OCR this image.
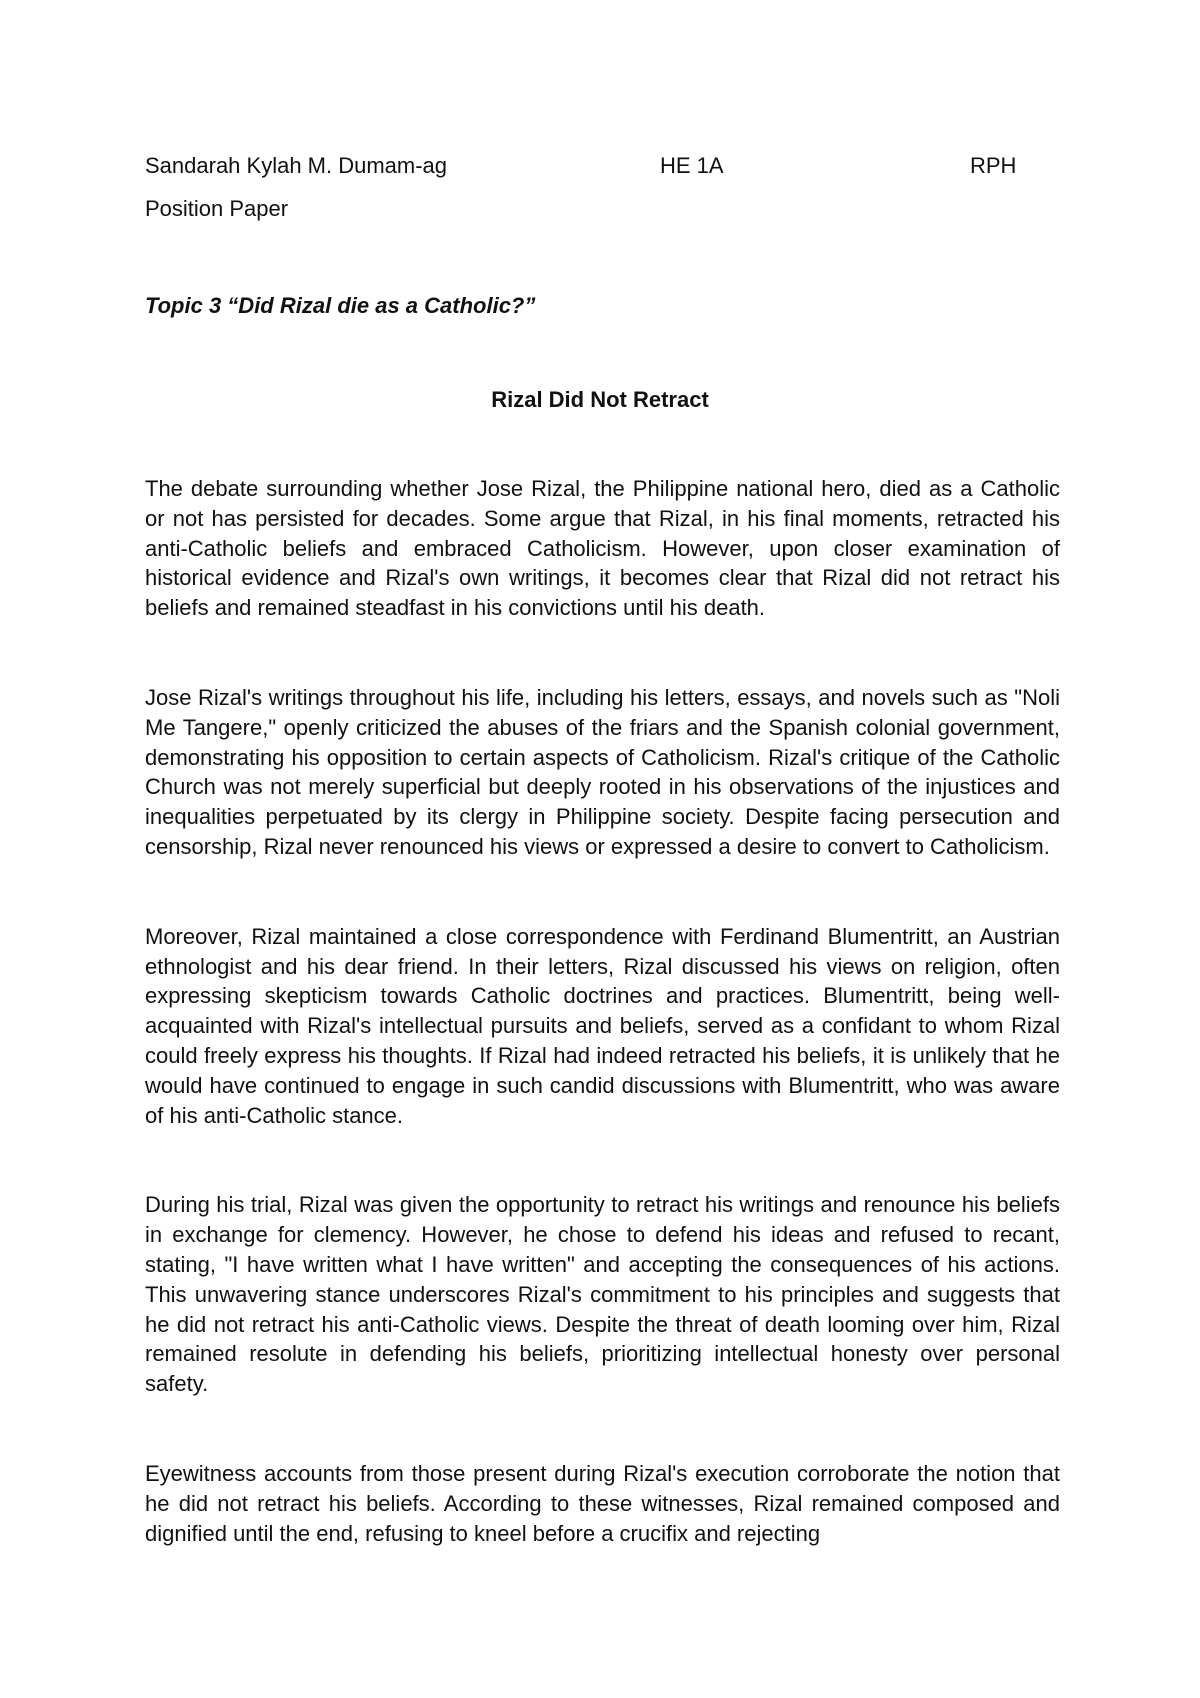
Sandarah Kylah M. Dumam-ag	HE 1A	RPH
Position Paper
Topic 3 “Did Rizal die as a Catholic?”
Rizal Did Not Retract

The debate surrounding whether Jose Rizal, the Philippine national hero, died as a Catholic or not has persisted for decades. Some argue that Rizal, in his final moments, retracted his anti-Catholic beliefs and embraced Catholicism. However, upon closer examination of historical evidence and Rizal's own writings, it becomes clear that Rizal did not retract his beliefs and remained steadfast in his convictions until his death.

Jose Rizal's writings throughout his life, including his letters, essays, and novels such as "Noli Me Tangere," openly criticized the abuses of the friars and the Spanish colonial government, demonstrating his opposition to certain aspects of Catholicism. Rizal's critique of the Catholic Church was not merely superficial but deeply rooted in his observations of the injustices and inequalities perpetuated by its clergy in Philippine society. Despite facing persecution and censorship, Rizal never renounced his views or expressed a desire to convert to Catholicism.

Moreover, Rizal maintained a close correspondence with Ferdinand Blumentritt, an Austrian ethnologist and his dear friend. In their letters, Rizal discussed his views on religion, often expressing skepticism towards Catholic doctrines and practices. Blumentritt, being well-acquainted with Rizal's intellectual pursuits and beliefs, served as a confidant to whom Rizal could freely express his thoughts. If Rizal had indeed retracted his beliefs, it is unlikely that he would have continued to engage in such candid discussions with Blumentritt, who was aware of his anti-Catholic stance.

During his trial, Rizal was given the opportunity to retract his writings and renounce his beliefs in exchange for clemency. However, he chose to defend his ideas and refused to recant, stating, "I have written what I have written" and accepting the consequences of his actions. This unwavering stance underscores Rizal's commitment to his principles and suggests that he did not retract his anti-Catholic views. Despite the threat of death looming over him, Rizal remained resolute in defending his beliefs, prioritizing intellectual honesty over personal safety.

Eyewitness accounts from those present during Rizal's execution corroborate the notion that he did not retract his beliefs. According to these witnesses, Rizal remained composed and dignified until the end, refusing to kneel before a crucifix and rejecting
